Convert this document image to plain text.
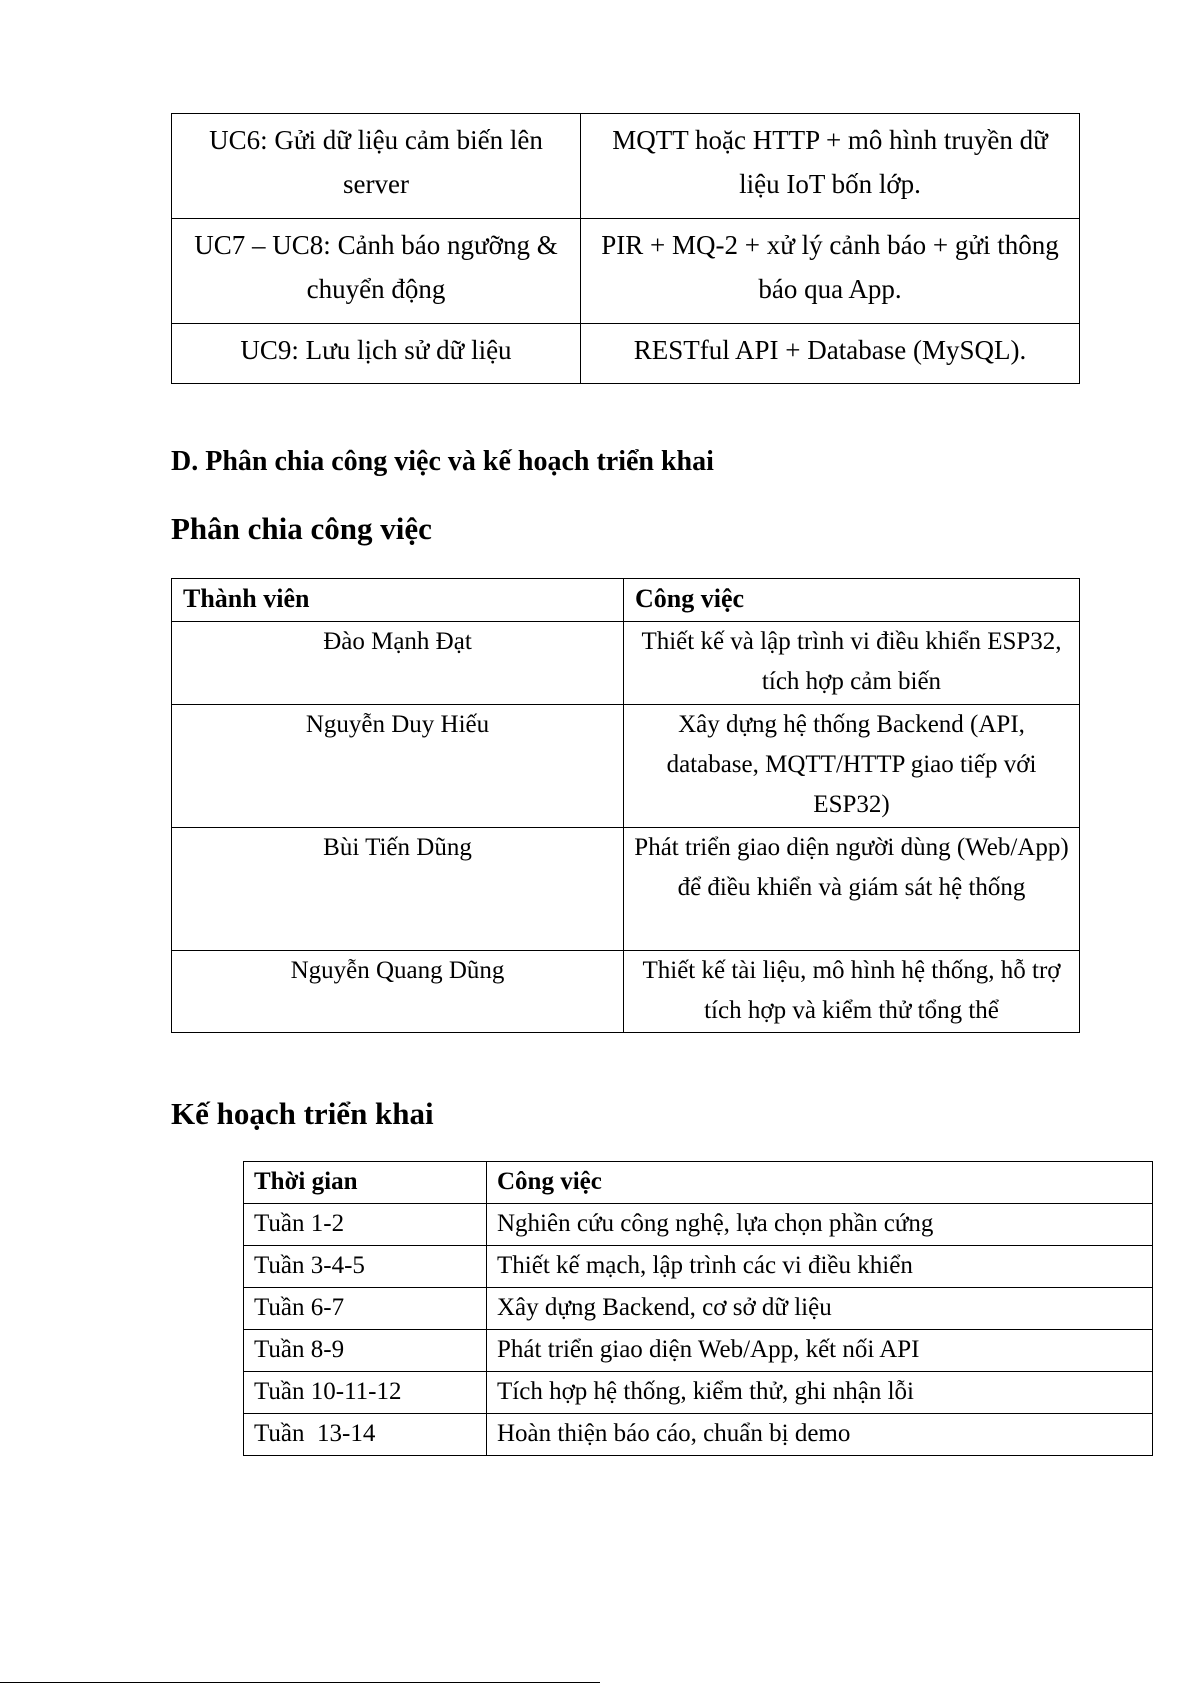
UC6: Gửi dữ liệu cảm biến lên server	MQTT hoặc HTTP + mô hình truyền dữ liệu IoT bốn lớp.
UC7 – UC8: Cảnh báo ngưỡng & chuyển động	PIR + MQ-2 + xử lý cảnh báo + gửi thông báo qua App.
UC9: Lưu lịch sử dữ liệu	RESTful API + Database (MySQL).
D. Phân chia công việc và kế hoạch triển khai
Phân chia công việc
Thành viên	Công việc
Đào Mạnh Đạt	Thiết kế và lập trình vi điều khiển ESP32, tích hợp cảm biến
Nguyễn Duy Hiếu	Xây dựng hệ thống Backend (API, database, MQTT/HTTP giao tiếp với ESP32)
Bùi Tiến Dũng	Phát triển giao diện người dùng (Web/App) để điều khiển và giám sát hệ thống
Nguyễn Quang Dũng	Thiết kế tài liệu, mô hình hệ thống, hỗ trợ tích hợp và kiểm thử tổng thể
Kế hoạch triển khai
Thời gian	Công việc
Tuần 1-2	Nghiên cứu công nghệ, lựa chọn phần cứng
Tuần 3-4-5	Thiết kế mạch, lập trình các vi điều khiển
Tuần 6-7	Xây dựng Backend, cơ sở dữ liệu
Tuần 8-9	Phát triển giao diện Web/App, kết nối API
Tuần 10-11-12	Tích hợp hệ thống, kiểm thử, ghi nhận lỗi
Tuần  13-14	Hoàn thiện báo cáo, chuẩn bị demo
